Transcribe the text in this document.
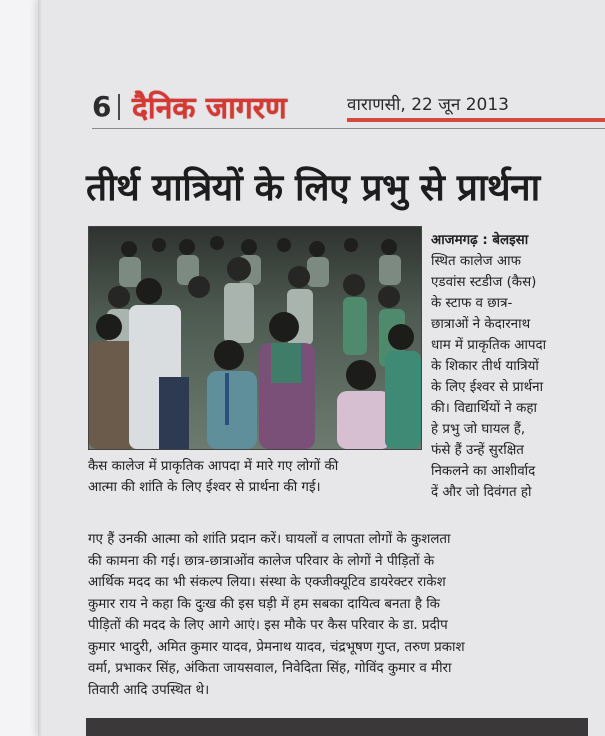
6 दैनिक जागरण	वाराणसी, 22 जून 2013
तीर्थ यात्रियों के लिए प्रभु से प्रार्थना
कैस कालेज में प्राकृतिक आपदा में मारे गए लोगों की
आत्मा की शांति के लिए ईश्वर से प्रार्थना की गई।
आजमगढ़ : बेलइसा
स्थित कालेज आफ
एडवांस स्टडीज (कैस)
के स्टाफ व छात्र-
छात्राओं ने केदारनाथ
धाम में प्राकृतिक आपदा
के शिकार तीर्थ यात्रियों
के लिए ईश्वर से प्रार्थना
की। विद्यार्थियों ने कहा
हे प्रभु जो घायल हैं,
फंसे हैं उन्हें सुरक्षित
निकलने का आशीर्वाद
दें और जो दिवंगत हो
गए हैं उनकी आत्मा को शांति प्रदान करें। घायलों व लापता लोगों के कुशलता
की कामना की गई। छात्र-छात्राओंव कालेज परिवार के लोगों ने पीड़ितों के
आर्थिक मदद का भी संकल्प लिया। संस्था के एक्जीक्यूटिव डायरेक्टर राकेश
कुमार राय ने कहा कि दुःख की इस घड़ी में हम सबका दायित्व बनता है कि
पीड़ितों की मदद के लिए आगे आएं। इस मौके पर कैस परिवार के डा. प्रदीप
कुमार भादुरी, अमित कुमार यादव, प्रेमनाथ यादव, चंद्रभूषण गुप्त, तरुण प्रकाश
वर्मा, प्रभाकर सिंह, अंकिता जायसवाल, निवेदिता सिंह, गोविंद कुमार व मीरा
तिवारी आदि उपस्थित थे।
